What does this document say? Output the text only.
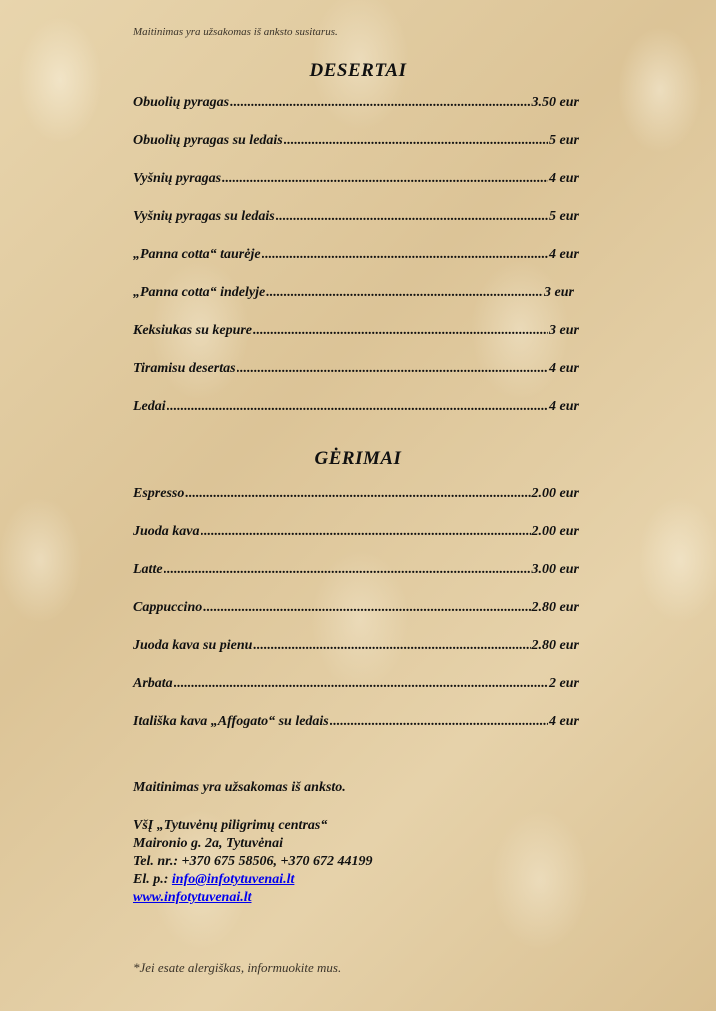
Maitinimas yra užsakomas iš anksto susitarus.
DESERTAI
Obuolių pyragas .....	3.50 eur
Obuolių pyragas su ledais .....	5 eur
Vyšnių pyragas .....	4 eur
Vyšnių pyragas su ledais .....	5 eur
„Panna cotta“ taurėje .....	4 eur
„Panna cotta“ indelyje .....	3 eur
Keksiukas su kepure .....	3 eur
Tiramisu desertas .....	4 eur
Ledai .....	4 eur
GĖRIMAI
Espresso .....	2.00 eur
Juoda kava .....	2.00 eur
Latte .....	3.00 eur
Cappuccino .....	2.80 eur
Juoda kava su pienu .....	2.80 eur
Arbata .....	2 eur
Itališka kava „Affogato“ su ledais .....	4 eur
Maitinimas yra užsakomas iš anksto.
VšĮ „Tytuvėnų piligrimų centras“
Maironio g. 2a, Tytuvėnai
Tel. nr.: +370 675 58506, +370 672 44199
El. p.: info@infotytuvenai.lt
www.infotytuvenai.lt
*Jei esate alergiškas, informuokite mus.
